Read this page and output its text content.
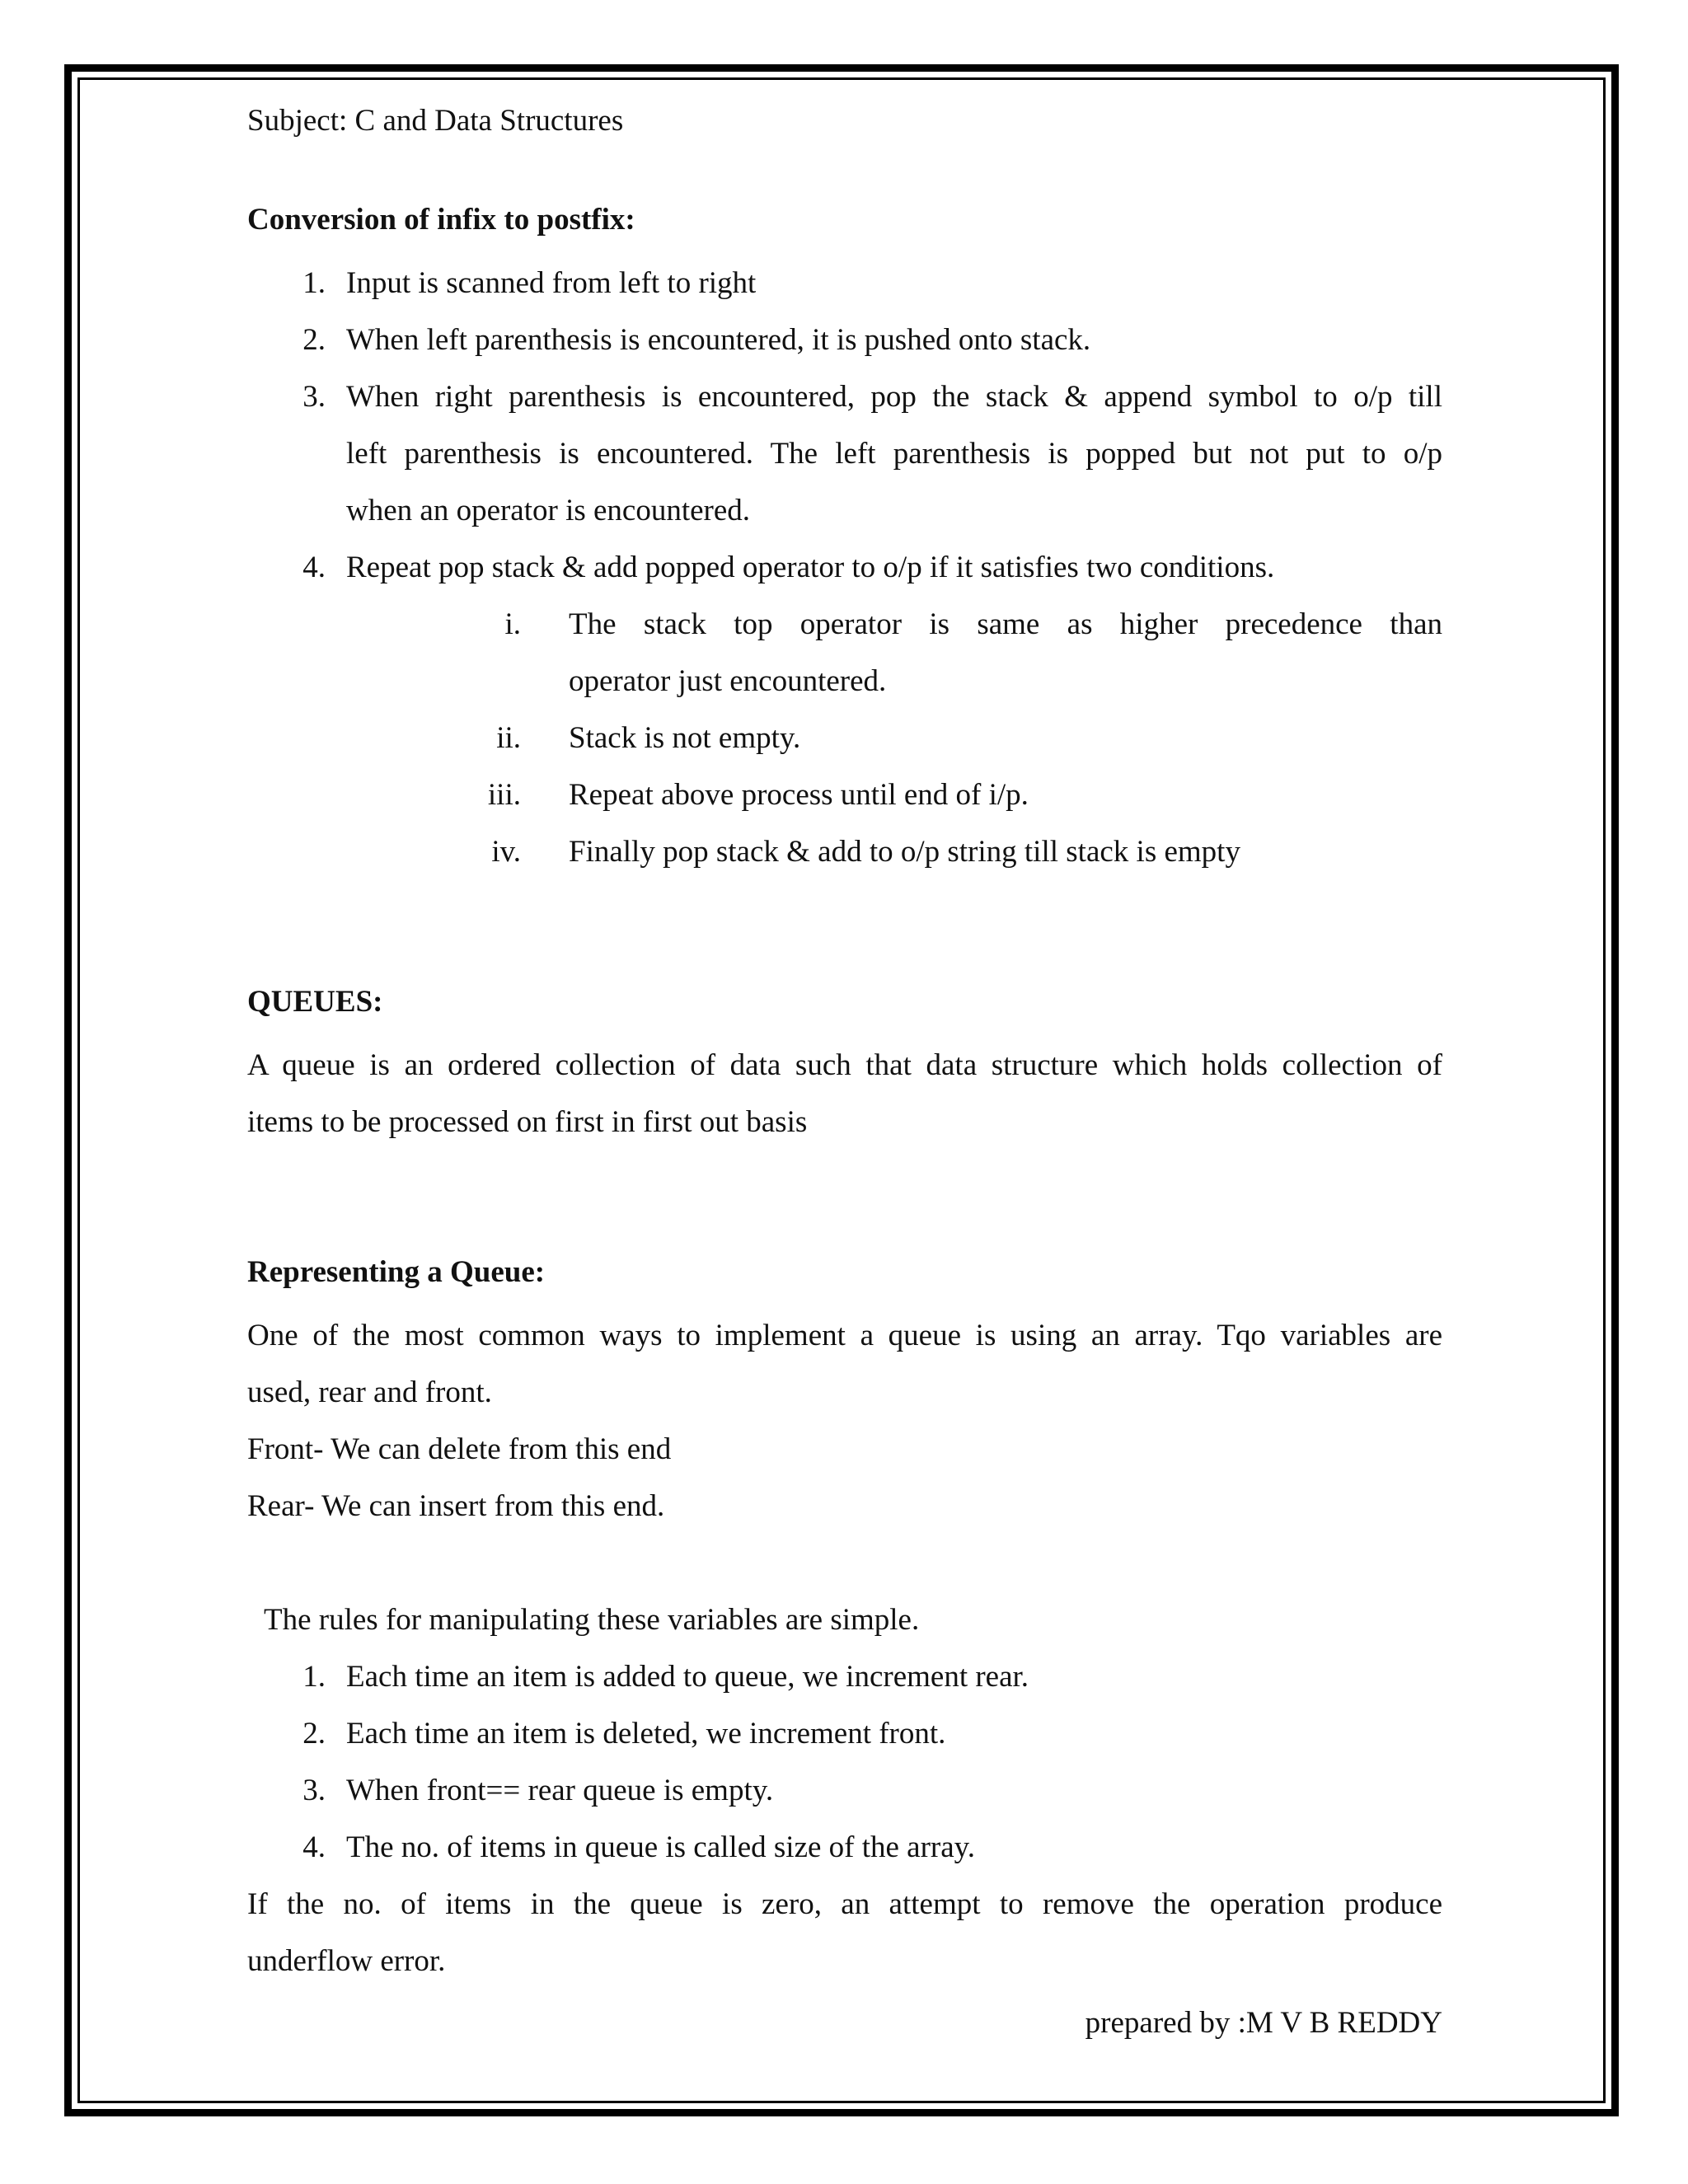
Subject: C and Data Structures
Conversion of infix to postfix:
1. Input is scanned from left to right
2. When left parenthesis is encountered, it is pushed onto stack.
3. When right parenthesis is encountered, pop the stack & append symbol to o/p till
left parenthesis is encountered. The left parenthesis is popped but not put to o/p
when an operator is encountered.
4. Repeat pop stack & add popped operator to o/p if it satisfies two conditions.
i. The stack top operator is same as higher precedence than
operator just encountered.
ii. Stack is not empty.
iii. Repeat above process until end of i/p.
iv. Finally pop stack & add to o/p string till stack is empty
QUEUES:
A queue is an ordered collection of data such that data structure which holds collection of
items to be processed on first in first out basis
Representing a Queue:
One of the most common ways to implement a queue is using an array. Tqo variables are
used, rear and front.
Front- We can delete from this end
Rear- We can insert from this end.
The rules for manipulating these variables are simple.
1. Each time an item is added to queue, we increment rear.
2. Each time an item is deleted, we increment front.
3. When front== rear queue is empty.
4. The no. of items in queue is called size of the array.
If the no. of items in the queue is zero, an attempt to remove the operation produce
underflow error.
prepared by :M V B REDDY
